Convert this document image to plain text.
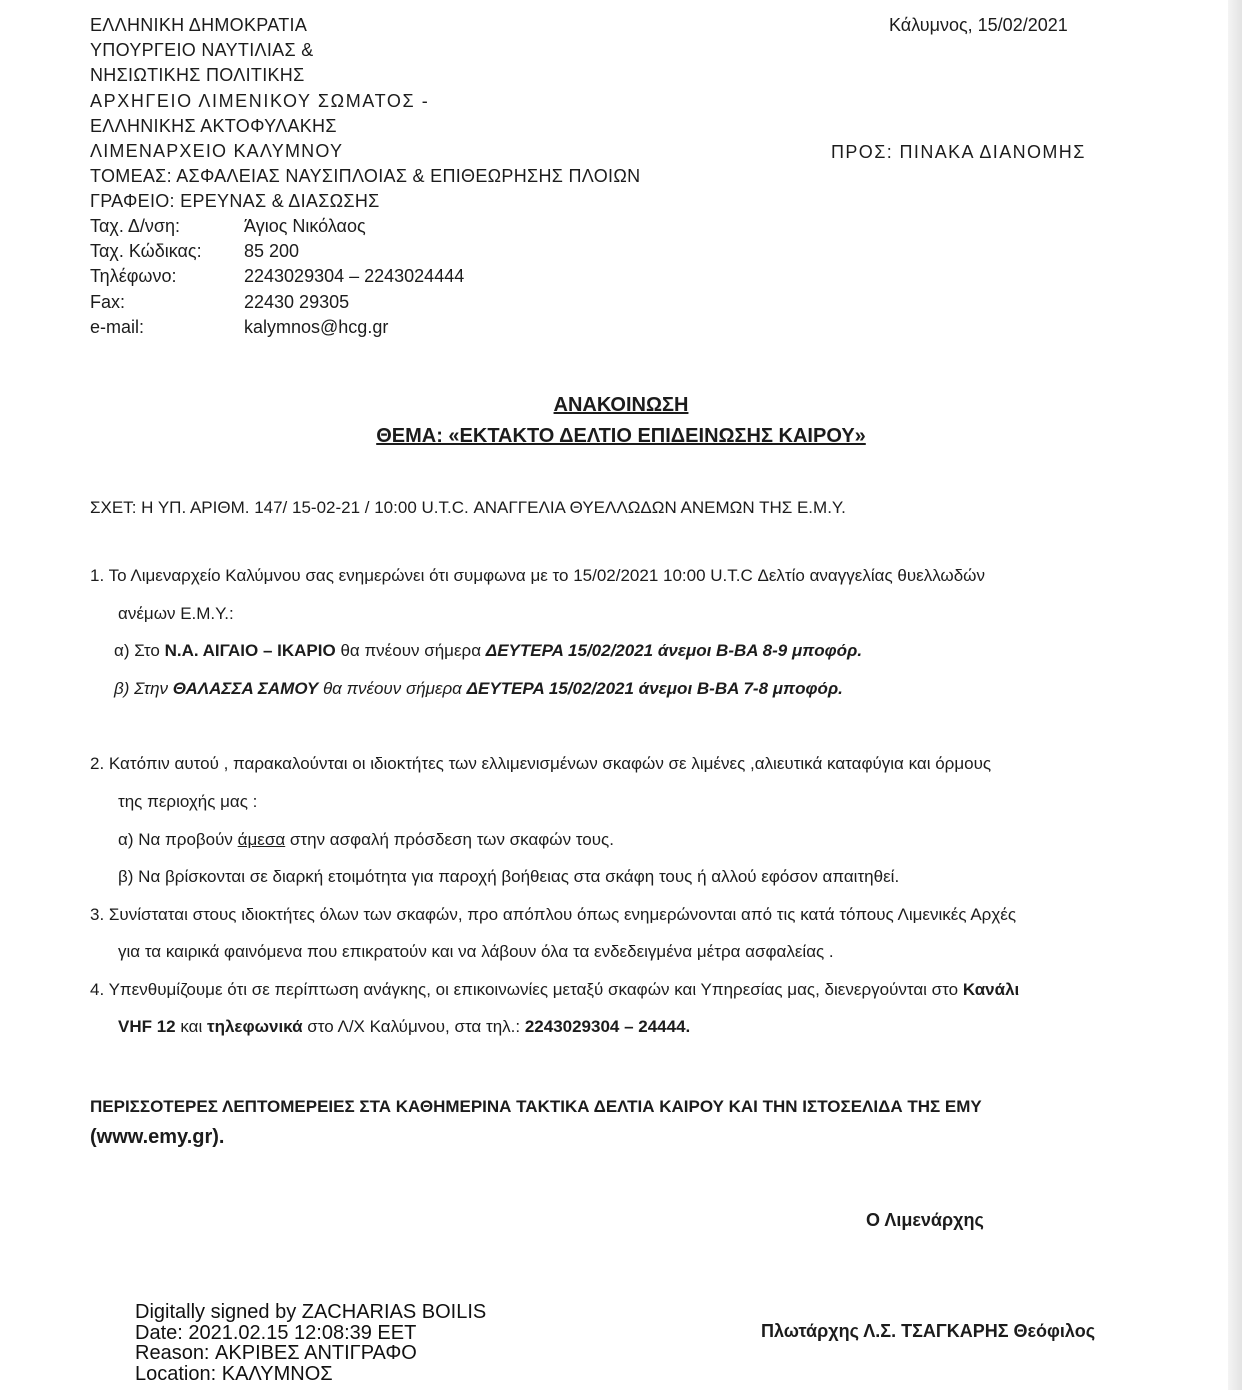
ΕΛΛΗΝΙΚΗ ΔΗΜΟΚΡΑΤΙΑ
ΥΠΟΥΡΓΕΙΟ ΝΑΥΤΙΛΙΑΣ &
ΝΗΣΙΩΤΙΚΗΣ ΠΟΛΙΤΙΚΗΣ
ΑΡΧΗΓΕΙΟ ΛΙΜΕΝΙΚΟΥ ΣΩΜΑΤΟΣ -
ΕΛΛΗΝΙΚΗΣ ΑΚΤΟΦΥΛΑΚΗΣ
ΛΙΜΕΝΑΡΧΕΙΟ ΚΑΛΥΜΝΟΥ
ΤΟΜΕΑΣ: ΑΣΦΑΛΕΙΑΣ ΝΑΥΣΙΠΛΟΙΑΣ & ΕΠΙΘΕΩΡΗΣΗΣ ΠΛΟΙΩΝ
ΓΡΑΦΕΙΟ: ΕΡΕΥΝΑΣ & ΔΙΑΣΩΣΗΣ
Κάλυμνος, 15/02/2021
ΠΡΟΣ: ΠΙΝΑΚΑ ΔΙΑΝΟΜΗΣ
Ταχ. Δ/νση:	Άγιος Νικόλαος
Ταχ. Κώδικας: 85 200
Τηλέφωνο:	2243029304 – 2243024444
Fax:	22430 29305
e-mail:	kalymnos@hcg.gr
ΑΝΑΚΟΙΝΩΣΗ
ΘΕΜΑ: «ΕΚΤΑΚΤΟ ΔΕΛΤΙΟ ΕΠΙΔΕΙΝΩΣΗΣ ΚΑΙΡΟΥ»
ΣΧΕΤ: Η ΥΠ. ΑΡΙΘΜ. 147/ 15-02-21 / 10:00 U.T.C. ΑΝΑΓΓΕΛΙΑ ΘΥΕΛΛΩΔΩΝ ΑΝΕΜΩΝ ΤΗΣ Ε.Μ.Υ.
1. Το Λιμεναρχείο Καλύμνου σας ενημερώνει ότι συμφωνα με το 15/02/2021 10:00 U.T.C Δελτίο αναγγελίας θυελλωδών
ανέμων Ε.Μ.Υ.:
α) Στο Ν.Α. ΑΙΓΑΙΟ – ΙΚΑΡΙΟ θα πνέουν σήμερα ΔΕΥΤΕΡΑ 15/02/2021 άνεμοι Β-ΒΑ 8-9 μποφόρ.
β) Στην ΘΑΛΑΣΣΑ ΣΑΜΟΥ θα πνέουν σήμερα ΔΕΥΤΕΡΑ 15/02/2021 άνεμοι Β-ΒΑ 7-8 μποφόρ.
2. Κατόπιν αυτού , παρακαλούνται οι ιδιοκτήτες των ελλιμενισμένων σκαφών σε λιμένες ,αλιευτικά καταφύγια και όρμους
της περιοχής μας :
α) Να προβούν άμεσα στην ασφαλή πρόσδεση των σκαφών τους.
β) Να βρίσκονται σε διαρκή ετοιμότητα για παροχή βοήθειας στα σκάφη τους ή αλλού εφόσον απαιτηθεί.
3. Συνίσταται στους ιδιοκτήτες όλων των σκαφών, προ απόπλου όπως ενημερώνονται από τις κατά τόπους Λιμενικές Αρχές
για τα καιρικά φαινόμενα που επικρατούν και να λάβουν όλα τα ενδεδειγμένα μέτρα ασφαλείας .
4. Υπενθυμίζουμε ότι σε περίπτωση ανάγκης, οι επικοινωνίες μεταξύ σκαφών και Υπηρεσίας μας, διενεργούνται στο Κανάλι
VHF 12 και τηλεφωνικά στο Λ/Χ Καλύμνου, στα τηλ.: 2243029304 – 24444.
ΠΕΡΙΣΣΟΤΕΡΕΣ ΛΕΠΤΟΜΕΡΕΙΕΣ ΣΤΑ ΚΑΘΗΜΕΡΙΝΑ ΤΑΚΤΙΚΑ ΔΕΛΤΙΑ ΚΑΙΡΟΥ ΚΑΙ ΤΗΝ ΙΣΤΟΣΕΛΙΔΑ ΤΗΣ ΕΜΥ
(www.emy.gr).
Ο Λιμενάρχης
Πλωτάρχης Λ.Σ. ΤΣΑΓΚΑΡΗΣ Θεόφιλος
Digitally signed by ZACHARIAS BOILIS
Date: 2021.02.15 12:08:39 EET
Reason: ΑΚΡΙΒΕΣ ΑΝΤΙΓΡΑΦΟ
Location: ΚΑΛΥΜΝΟΣ
